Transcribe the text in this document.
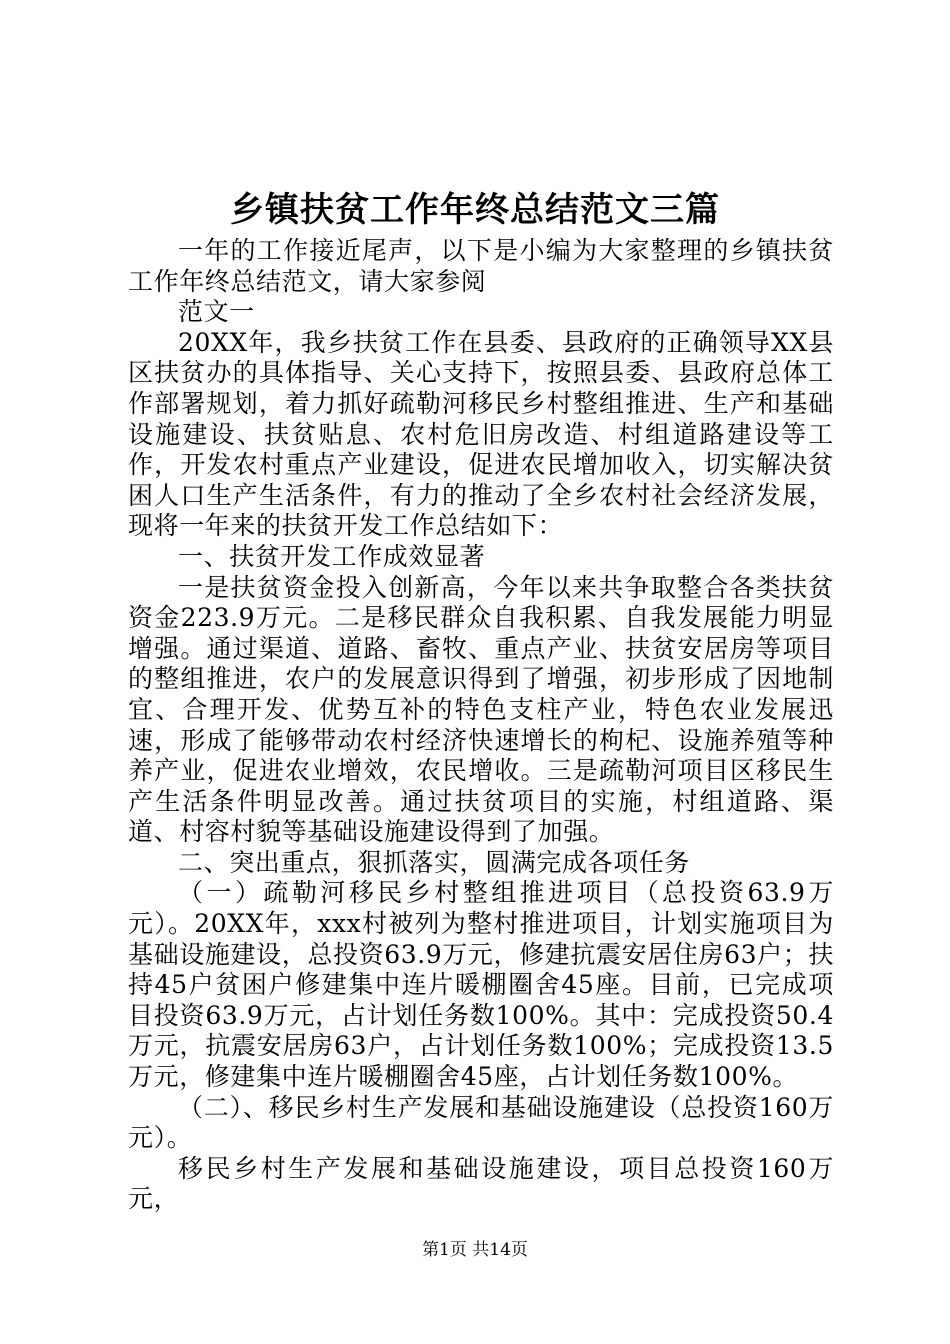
乡镇扶贫工作年终总结范文三篇

一年的工作接近尾声，以下是小编为大家整理的乡镇扶贫工作年终总结范文，请大家参阅

范文一

20XX年，我乡扶贫工作在县委、县政府的正确领导XX县区扶贫办的具体指导、关心支持下，按照县委、县政府总体工作部署规划，着力抓好疏勒河移民乡村整组推进、生产和基础设施建设、扶贫贴息、农村危旧房改造、村组道路建设等工作，开发农村重点产业建设，促进农民增加收入，切实解决贫困人口生产生活条件，有力的推动了全乡农村社会经济发展，现将一年来的扶贫开发工作总结如下：

一、扶贫开发工作成效显著

一是扶贫资金投入创新高，今年以来共争取整合各类扶贫资金223.9万元。二是移民群众自我积累、自我发展能力明显增强。通过渠道、道路、畜牧、重点产业、扶贫安居房等项目的整组推进，农户的发展意识得到了增强，初步形成了因地制宜、合理开发、优势互补的特色支柱产业，特色农业发展迅速，形成了能够带动农村经济快速增长的枸杞、设施养殖等种养产业，促进农业增效，农民增收。三是疏勒河项目区移民生产生活条件明显改善。通过扶贫项目的实施，村组道路、渠道、村容村貌等基础设施建设得到了加强。

二、突出重点，狠抓落实，圆满完成各项任务

（一）疏勒河移民乡村整组推进项目（总投资63.9万元）。20XX年，xxx村被列为整村推进项目，计划实施项目为基础设施建设，总投资63.9万元，修建抗震安居住房63户；扶持45户贫困户修建集中连片暖棚圈舍45座。目前，已完成项目投资63.9万元，占计划任务数100%。其中：完成投资50.4万元，抗震安居房63户，占计划任务数100%；完成投资13.5万元，修建集中连片暖棚圈舍45座，占计划任务数100%。

（二）、移民乡村生产发展和基础设施建设（总投资160万元）。

移民乡村生产发展和基础设施建设，项目总投资160万元，

第1页 共14页
